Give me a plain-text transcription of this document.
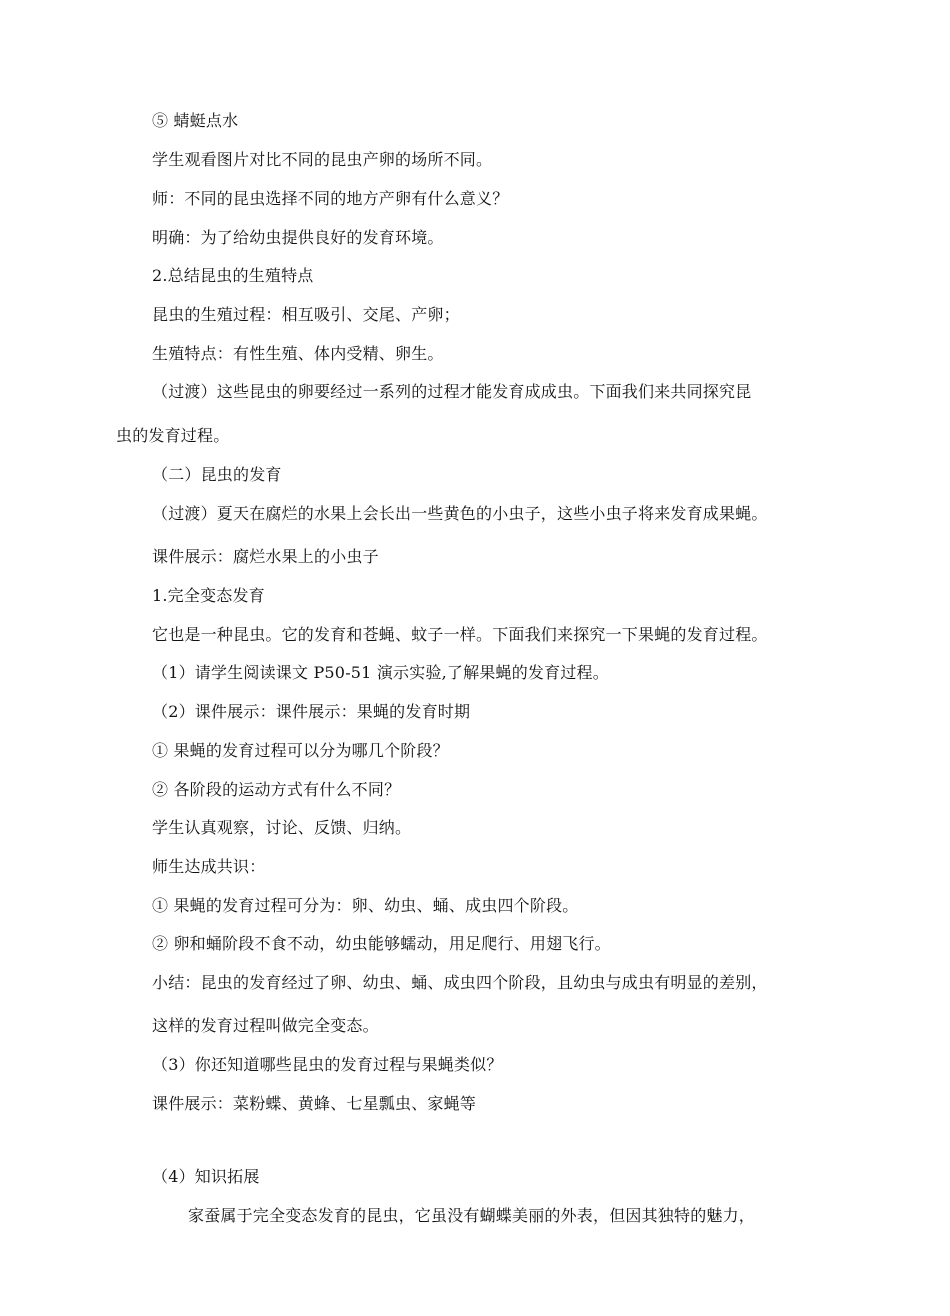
⑤ 蜻蜓点水
学生观看图片对比不同的昆虫产卵的场所不同。
师：不同的昆虫选择不同的地方产卵有什么意义？
明确：为了给幼虫提供良好的发育环境。
2.总结昆虫的生殖特点
昆虫的生殖过程：相互吸引、交尾、产卵；
生殖特点：有性生殖、体内受精、卵生。
（过渡）这些昆虫的卵要经过一系列的过程才能发育成成虫。下面我们来共同探究昆
虫的发育过程。
（二）昆虫的发育
（过渡）夏天在腐烂的水果上会长出一些黄色的小虫子，这些小虫子将来发育成果蝇。
课件展示：腐烂水果上的小虫子
1.完全变态发育
它也是一种昆虫。它的发育和苍蝇、蚊子一样。下面我们来探究一下果蝇的发育过程。
（1）请学生阅读课文 P50-51 演示实验,了解果蝇的发育过程。
（2）课件展示：课件展示：果蝇的发育时期
① 果蝇的发育过程可以分为哪几个阶段？
② 各阶段的运动方式有什么不同？
学生认真观察，讨论、反馈、归纳。
师生达成共识：
① 果蝇的发育过程可分为：卵、幼虫、蛹、成虫四个阶段。
② 卵和蛹阶段不食不动，幼虫能够蠕动，用足爬行、用翅飞行。
小结：昆虫的发育经过了卵、幼虫、蛹、成虫四个阶段，且幼虫与成虫有明显的差别，
这样的发育过程叫做完全变态。
（3）你还知道哪些昆虫的发育过程与果蝇类似？
课件展示：菜粉蝶、黄蜂、七星瓢虫、家蝇等
（4）知识拓展
家蚕属于完全变态发育的昆虫，它虽没有蝴蝶美丽的外表，但因其独特的魅力，
